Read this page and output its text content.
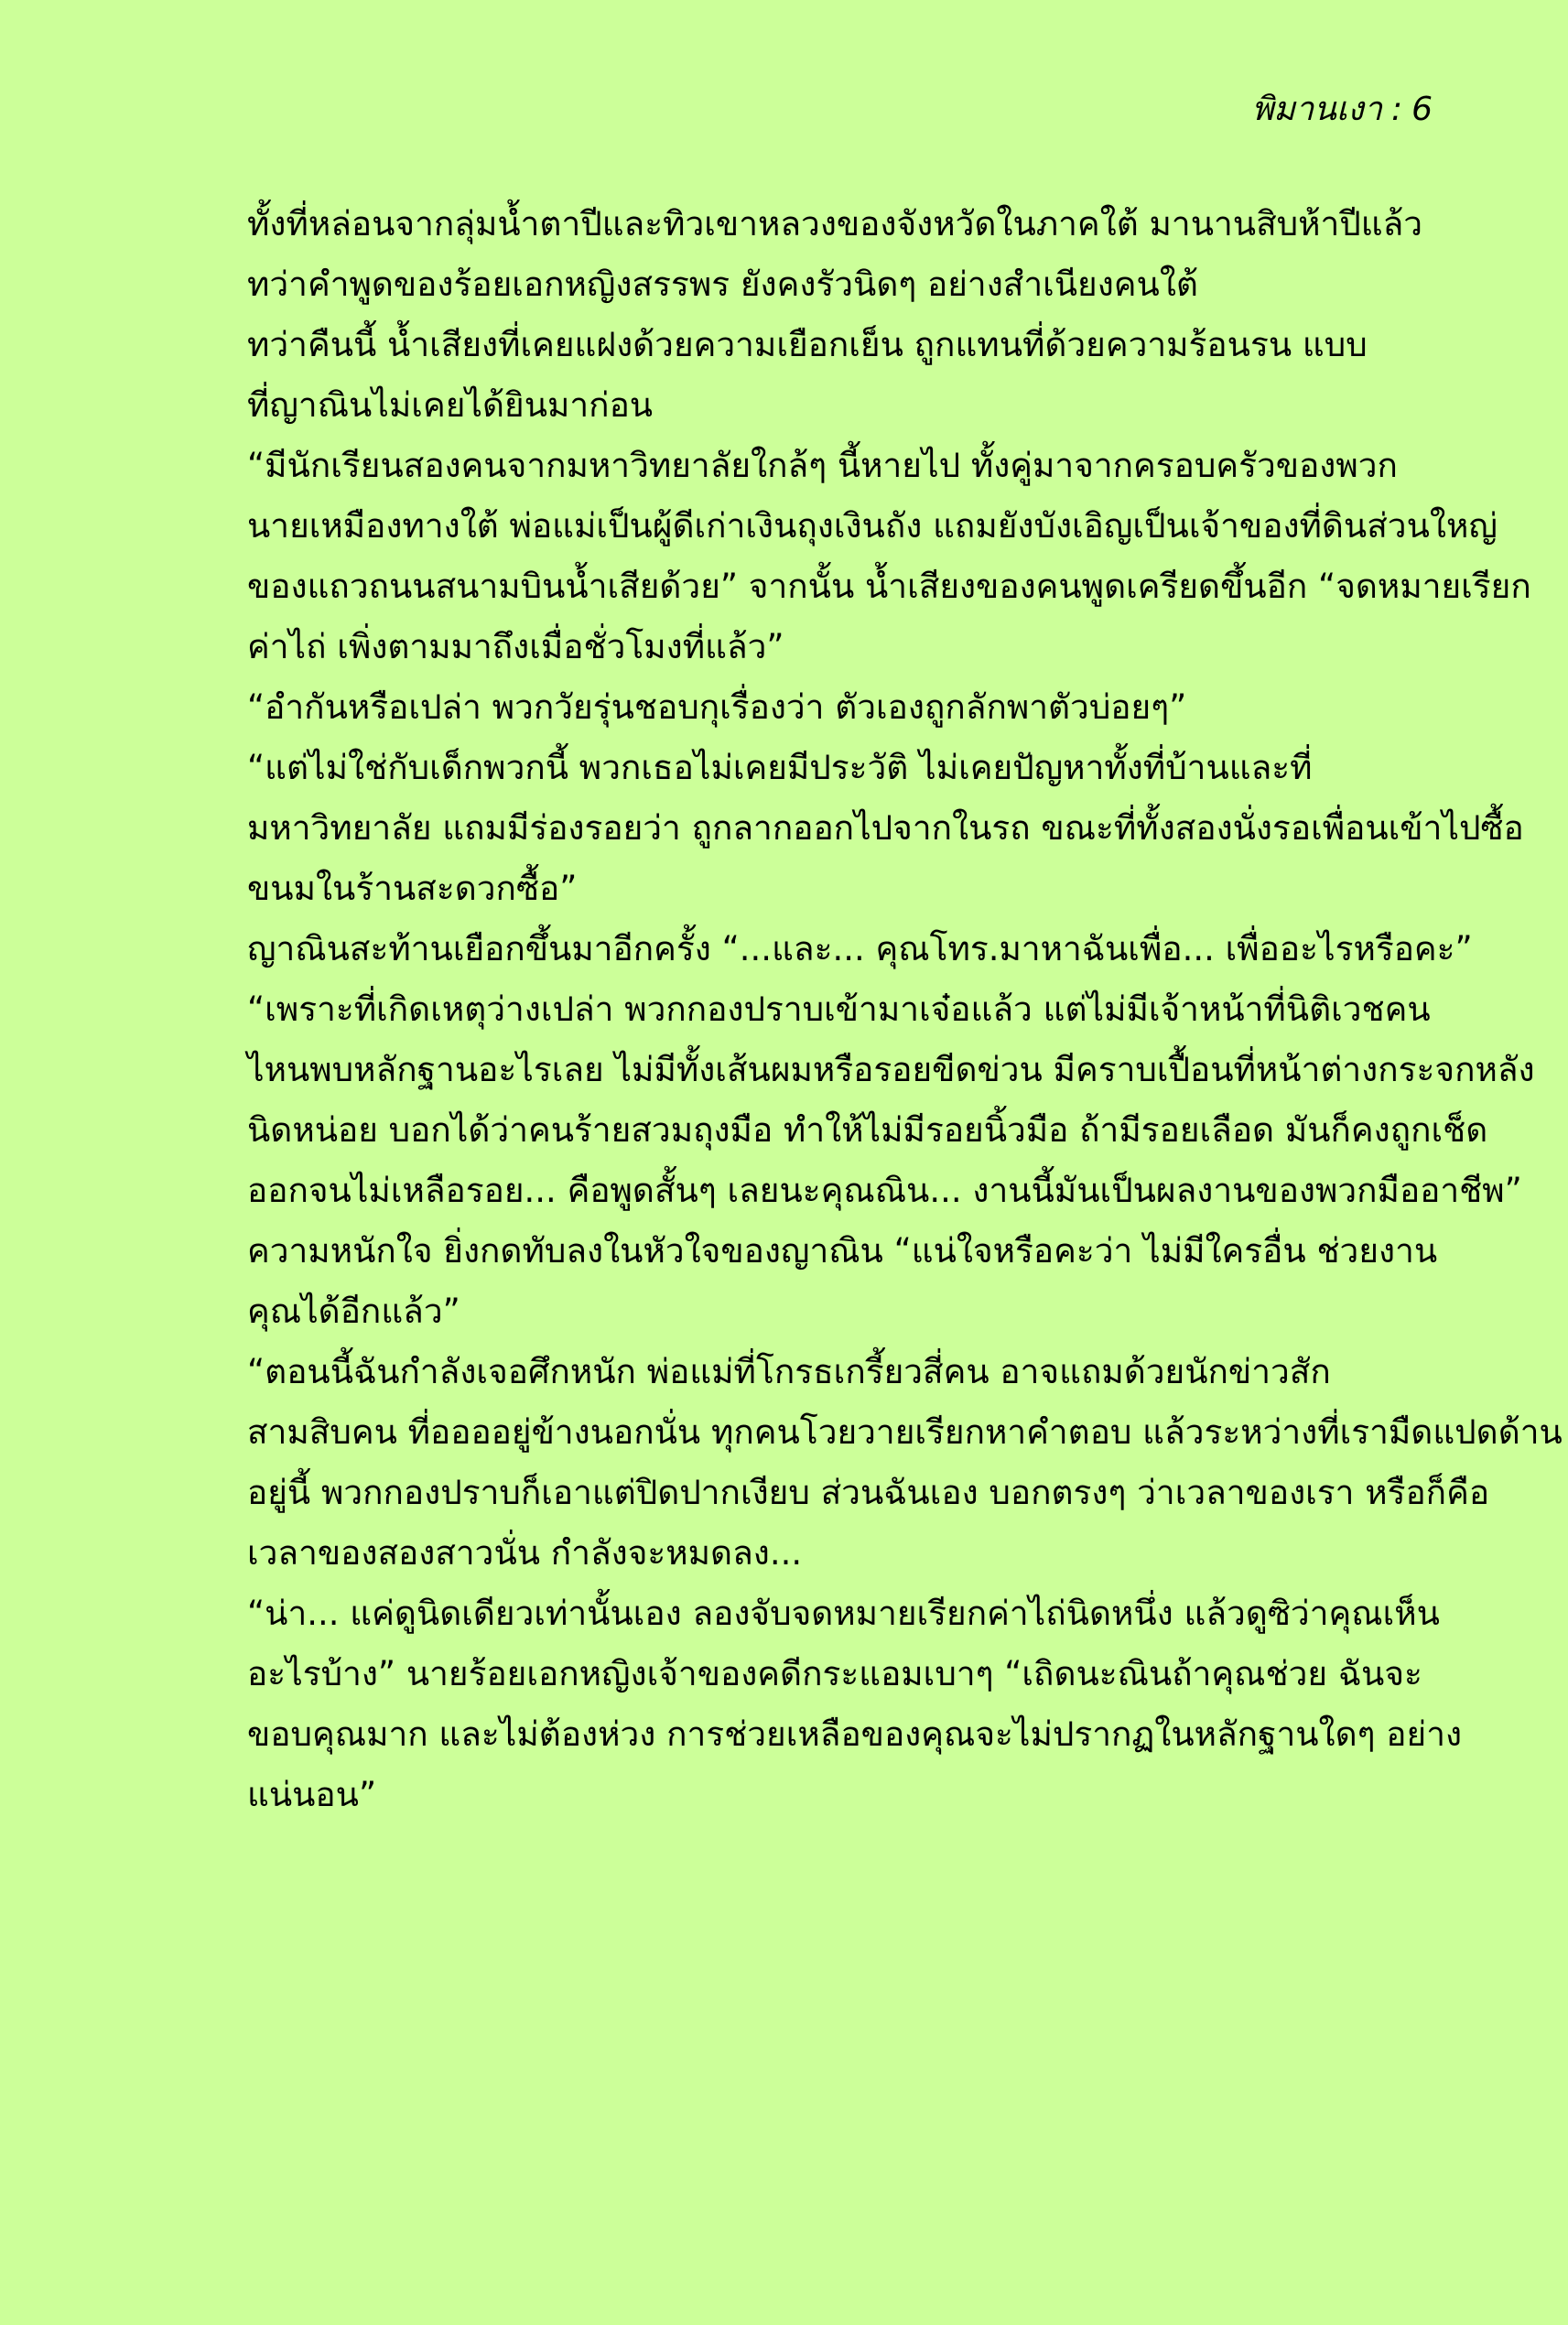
พิมานเงา : 6

ทั้งที่หล่อนจากลุ่มน้ำตาปีและทิวเขาหลวงของจังหวัดในภาคใต้ มานานสิบห้าปีแล้ว
ทว่าคำพูดของร้อยเอกหญิงสรรพร ยังคงรัวนิดๆ อย่างสำเนียงคนใต้

ทว่าคืนนี้ น้ำเสียงที่เคยแฝงด้วยความเยือกเย็น ถูกแทนที่ด้วยความร้อนรน แบบ
ที่ญาณินไม่เคยได้ยินมาก่อน

“มีนักเรียนสองคนจากมหาวิทยาลัยใกล้ๆ นี้หายไป ทั้งคู่มาจากครอบครัวของพวก
นายเหมืองทางใต้ พ่อแม่เป็นผู้ดีเก่าเงินถุงเงินถัง แถมยังบังเอิญเป็นเจ้าของที่ดินส่วนใหญ่
ของแถวถนนสนามบินน้ำเสียด้วย” จากนั้น น้ำเสียงของคนพูดเครียดขึ้นอีก “จดหมายเรียก
ค่าไถ่ เพิ่งตามมาถึงเมื่อชั่วโมงที่แล้ว”

“อำกันหรือเปล่า พวกวัยรุ่นชอบกุเรื่องว่า ตัวเองถูกลักพาตัวบ่อยๆ”

“แต่ไม่ใช่กับเด็กพวกนี้ พวกเธอไม่เคยมีประวัติ ไม่เคยปัญหาทั้งที่บ้านและที่
มหาวิทยาลัย แถมมีร่องรอยว่า ถูกลากออกไปจากในรถ ขณะที่ทั้งสองนั่งรอเพื่อนเข้าไปซื้อ
ขนมในร้านสะดวกซื้อ”

ญาณินสะท้านเยือกขึ้นมาอีกครั้ง “...และ... คุณโทร.มาหาฉันเพื่อ... เพื่ออะไรหรือคะ”

“เพราะที่เกิดเหตุว่างเปล่า พวกกองปราบเข้ามาเจ๋อแล้ว แต่ไม่มีเจ้าหน้าที่นิติเวชคน
ไหนพบหลักฐานอะไรเลย ไม่มีทั้งเส้นผมหรือรอยขีดข่วน มีคราบเปื้อนที่หน้าต่างกระจกหลัง
นิดหน่อย บอกได้ว่าคนร้ายสวมถุงมือ ทำให้ไม่มีรอยนิ้วมือ ถ้ามีรอยเลือด มันก็คงถูกเช็ด
ออกจนไม่เหลือรอย... คือพูดสั้นๆ เลยนะคุณณิน... งานนี้มันเป็นผลงานของพวกมืออาชีพ”

ความหนักใจ ยิ่งกดทับลงในหัวใจของญาณิน “แน่ใจหรือคะว่า ไม่มีใครอื่น ช่วยงาน
คุณได้อีกแล้ว”

“ตอนนี้ฉันกำลังเจอศึกหนัก พ่อแม่ที่โกรธเกรี้ยวสี่คน อาจแถมด้วยนักข่าวสัก
สามสิบคน ที่ออออยู่ข้างนอกนั่น ทุกคนโวยวายเรียกหาคำตอบ แล้วระหว่างที่เรามืดแปดด้าน
อยู่นี้ พวกกองปราบก็เอาแต่ปิดปากเงียบ ส่วนฉันเอง บอกตรงๆ ว่าเวลาของเรา หรือก็คือ
เวลาของสองสาวนั่น กำลังจะหมดลง...

“น่า... แค่ดูนิดเดียวเท่านั้นเอง ลองจับจดหมายเรียกค่าไถ่นิดหนึ่ง แล้วดูซิว่าคุณเห็น
อะไรบ้าง” นายร้อยเอกหญิงเจ้าของคดีกระแอมเบาๆ “เถิดนะณินถ้าคุณช่วย ฉันจะ
ขอบคุณมาก และไม่ต้องห่วง การช่วยเหลือของคุณจะไม่ปรากฏในหลักฐานใดๆ อย่าง
แน่นอน”
